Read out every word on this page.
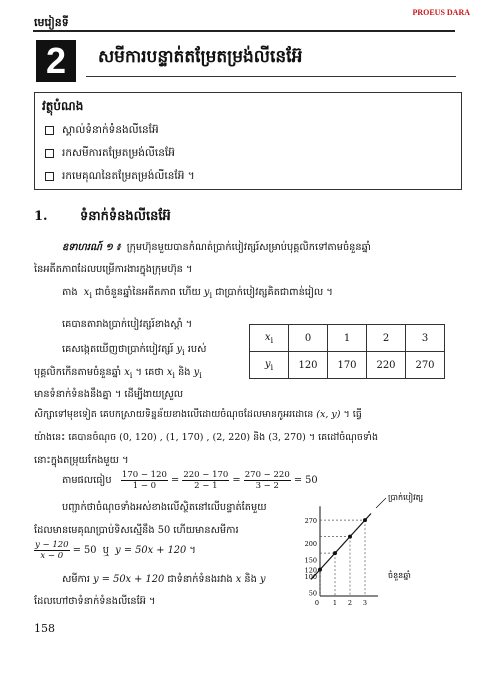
PROEUS DARA
មេរៀនទី
2	សមីការបន្ទាត់តម្រែតម្រង់លីនេអ៊ែ
វត្ថុបំណង
ស្គាល់ទំនាក់ទំនងលីនេអ៊ែ
រកសមីការតម្រែតម្រង់លីនេអ៊ែ
រកមេគុណនៃតម្រែតម្រង់លីនេអ៊ែ ។
1. ទំនាក់ទំនងលីនេអ៊ែ
ឧទាហរណ៍ ១ ៖ ក្រុមហ៊ុនមួយបានកំណត់ប្រាក់បៀវត្សរ៍សម្រាប់បុគ្គលិកទៅតាមចំនួនឆ្នាំ
នៃអតីតភាពដែលបម្រើការងារក្នុងក្រុមហ៊ុន ។
តាង $x_i$ ជាចំនួនឆ្នាំនៃអតីតភាព ហើយ $y_i$ ជាប្រាក់បៀវត្សគិតជាពាន់រៀល ។
គេបានតារាងប្រាក់បៀវត្សរ៍ខាងស្តាំ ។
គេសង្កេតឃើញថាប្រាក់បៀវត្សរ៍ $y_i$ របស់
បុគ្គលិកកើនតាមចំនួនឆ្នាំ $x_i$ ។ គេថា $x_i$ និង $y_i$
មានទំនាក់ទំនងនឹងគ្នា ។ ដើម្បីងាយស្រួល
សិក្សាទៅមុខទៀត គេបកស្រាយទិន្នន័យខាងលើដោយចំណុចដែលមានកូអរដោនេ (x, y) ។ ធ្វើ
យ៉ាងនេះ គេបានចំណុច (0, 120) , (1, 170) , (2, 220) និង (3, 270) ។ គេដៅចំណុចទាំង
នោះក្នុងតម្រុយកែងមួយ ។
តាមផលធៀប $\frac{170 - 120}{1 - 0} = \frac{220 - 170}{2 - 1} = \frac{270 - 220}{3 - 2} = 50$
បញ្ជាក់ថាចំណុចទាំងអស់ខាងលើស្ថិតនៅលើបន្ទាត់តែមួយ
ដែលមានមេគុណប្រាប់ទិសស្មើនឹង 50 ហើយមានសមីការ
$\frac{y - 120}{x - 0} = 50$ ឬ y = 50x + 120 ។
សមីការ y = 50x + 120 ជាទំនាក់ទំនងរវាង x និង y
ដែលហៅថាទំនាក់ទំនងលីនេអ៊ែ ។
$x_i$	0	1	2	3
$y_i$	120	170	220	270
270
200
150
120
100
50
0 1 2 3
ប្រាក់បៀវត្ស
ចំនួនឆ្នាំ
158
